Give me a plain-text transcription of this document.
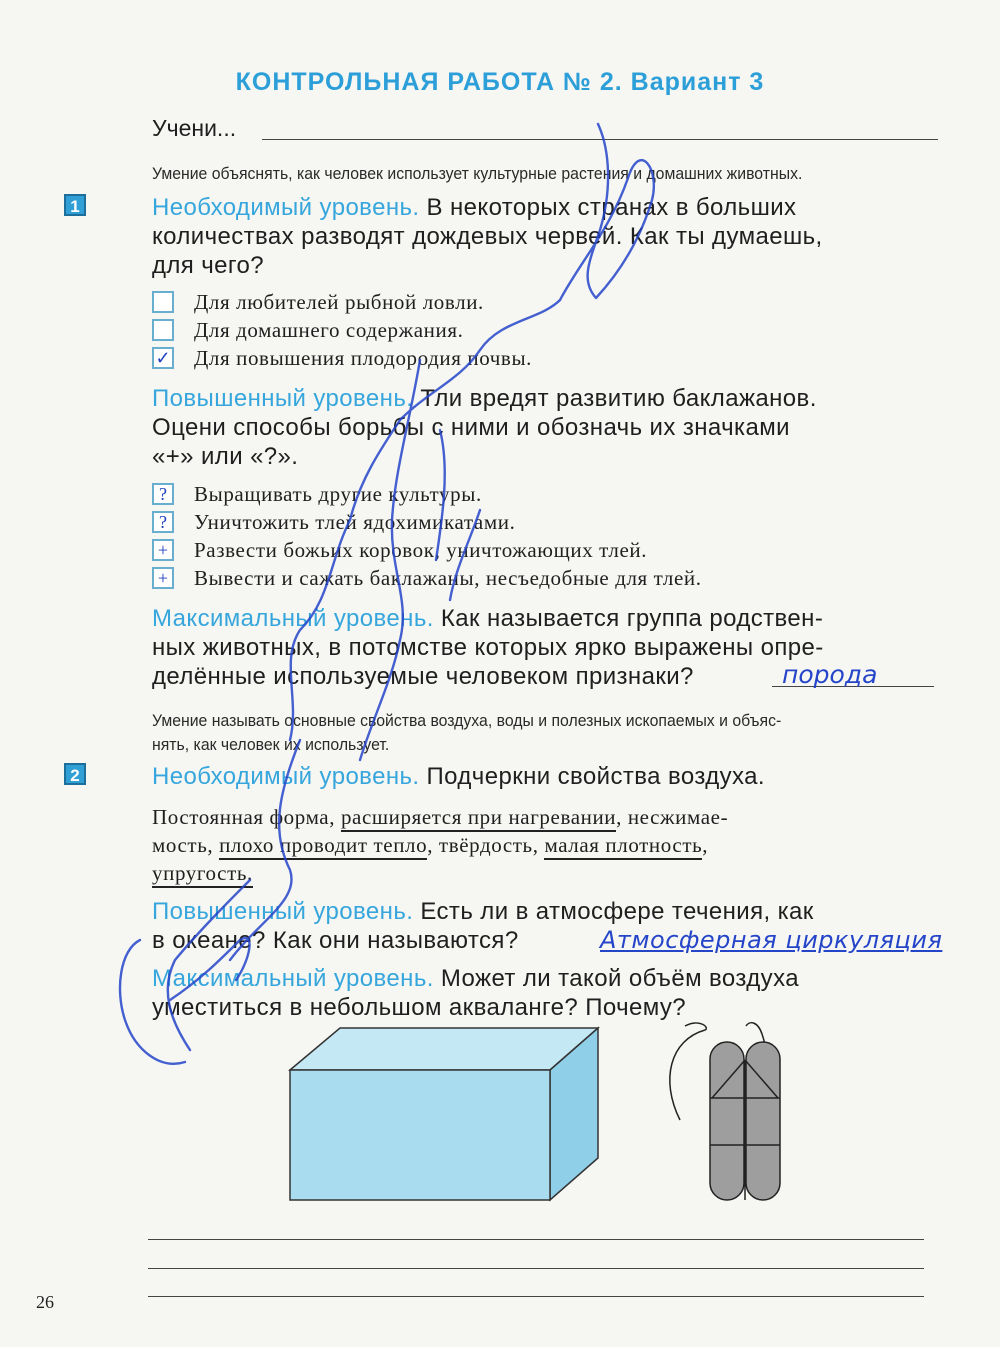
КОНТРОЛЬНАЯ РАБОТА № 2. Вариант 3
Учени...
Умение объяснять, как человек использует культурные растения и домашних животных.
1	Необходимый уровень. В некоторых странах в больших
количествах разводят дождевых червей. Как ты думаешь,
для чего?
Для любителей рыбной ловли.
Для домашнего содержания.
✓ Для повышения плодородия почвы.
Повышенный уровень. Тли вредят развитию баклажанов.
Оцени способы борьбы с ними и обозначь их значками
«+» или «?».
?	Выращивать другие культуры.
?	Уничтожить тлей ядохимикатами.
+ Развести божьих коровок, уничтожающих тлей.
+ Вывести и сажать баклажаны, несъедобные для тлей.
Максимальный уровень. Как называется группа родствен-
ных животных, в потомстве которых ярко выражены опре-
делённые используемые человеком признаки?	порода
Умение называть основные свойства воздуха, воды и полезных ископаемых и объяс-
нять, как человек их использует.
2	Необходимый уровень. Подчеркни свойства воздуха.
Постоянная форма, расширяется при нагревании, несжимае-
мость, плохо проводит тепло, твёрдость, малая плотность,
упругость.
Повышенный уровень. Есть ли в атмосфере течения, как
в океане? Как они называются?	Атмосферная циркуляция
Максимальный уровень. Может ли такой объём воздуха
уместиться в небольшом акваланге? Почему?
26
